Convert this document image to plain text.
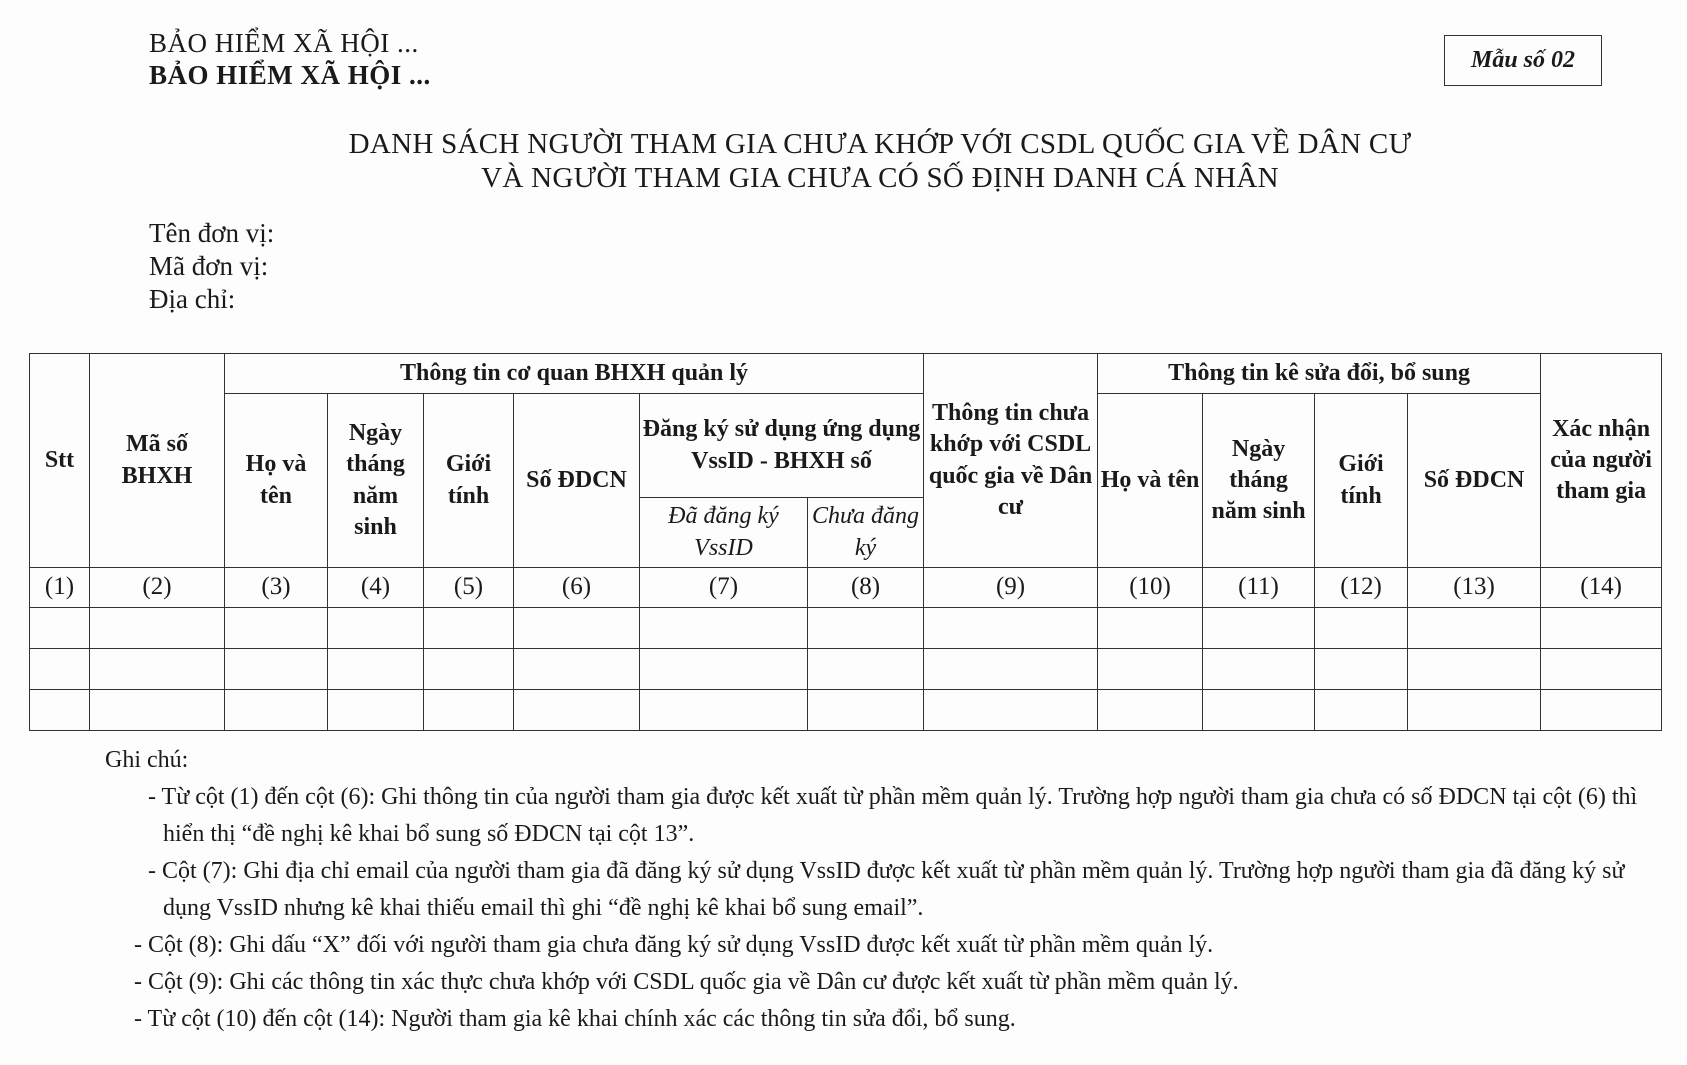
BẢO HIỂM XÃ HỘI ...
BẢO HIỂM XÃ HỘI ...	Mẫu số 02
DANH SÁCH NGƯỜI THAM GIA CHƯA KHỚP VỚI CSDL QUỐC GIA VỀ DÂN CƯ
VÀ NGƯỜI THAM GIA CHƯA CÓ SỐ ĐỊNH DANH CÁ NHÂN
Tên đơn vị:
Mã đơn vị:
Địa chỉ:
Stt	Mã số BHXH	Thông tin cơ quan BHXH quản lý						Thông tin chưa khớp với CSDL quốc gia về Dân cư	Thông tin kê sửa đổi, bổ sung				Xác nhận của người tham gia
		Họ và tên	Ngày tháng năm sinh	Giới tính	Số ĐDCN	Đăng ký sử dụng ứng dụng VssID - BHXH số			Họ và tên	Ngày tháng năm sinh	Giới tính	Số ĐDCN	
						Đã đăng ký VssID	Chưa đăng ký						
(1)	(2)	(3)	(4)	(5)	(6)	(7)	(8)	(9)	(10)	(11)	(12)	(13)	(14)

Ghi chú:
- Từ cột (1) đến cột (6): Ghi thông tin của người tham gia được kết xuất từ phần mềm quản lý. Trường hợp người tham gia chưa có số ĐDCN tại cột (6) thì hiển thị “đề nghị kê khai bổ sung số ĐDCN tại cột 13”.
- Cột (7): Ghi địa chỉ email của người tham gia đã đăng ký sử dụng VssID được kết xuất từ phần mềm quản lý. Trường hợp người tham gia đã đăng ký sử dụng VssID nhưng kê khai thiếu email thì ghi “đề nghị kê khai bổ sung email”.
- Cột (8): Ghi dấu “X” đối với người tham gia chưa đăng ký sử dụng VssID được kết xuất từ phần mềm quản lý.
- Cột (9): Ghi các thông tin xác thực chưa khớp với CSDL quốc gia về Dân cư được kết xuất từ phần mềm quản lý.
- Từ cột (10) đến cột (14): Người tham gia kê khai chính xác các thông tin sửa đổi, bổ sung.
